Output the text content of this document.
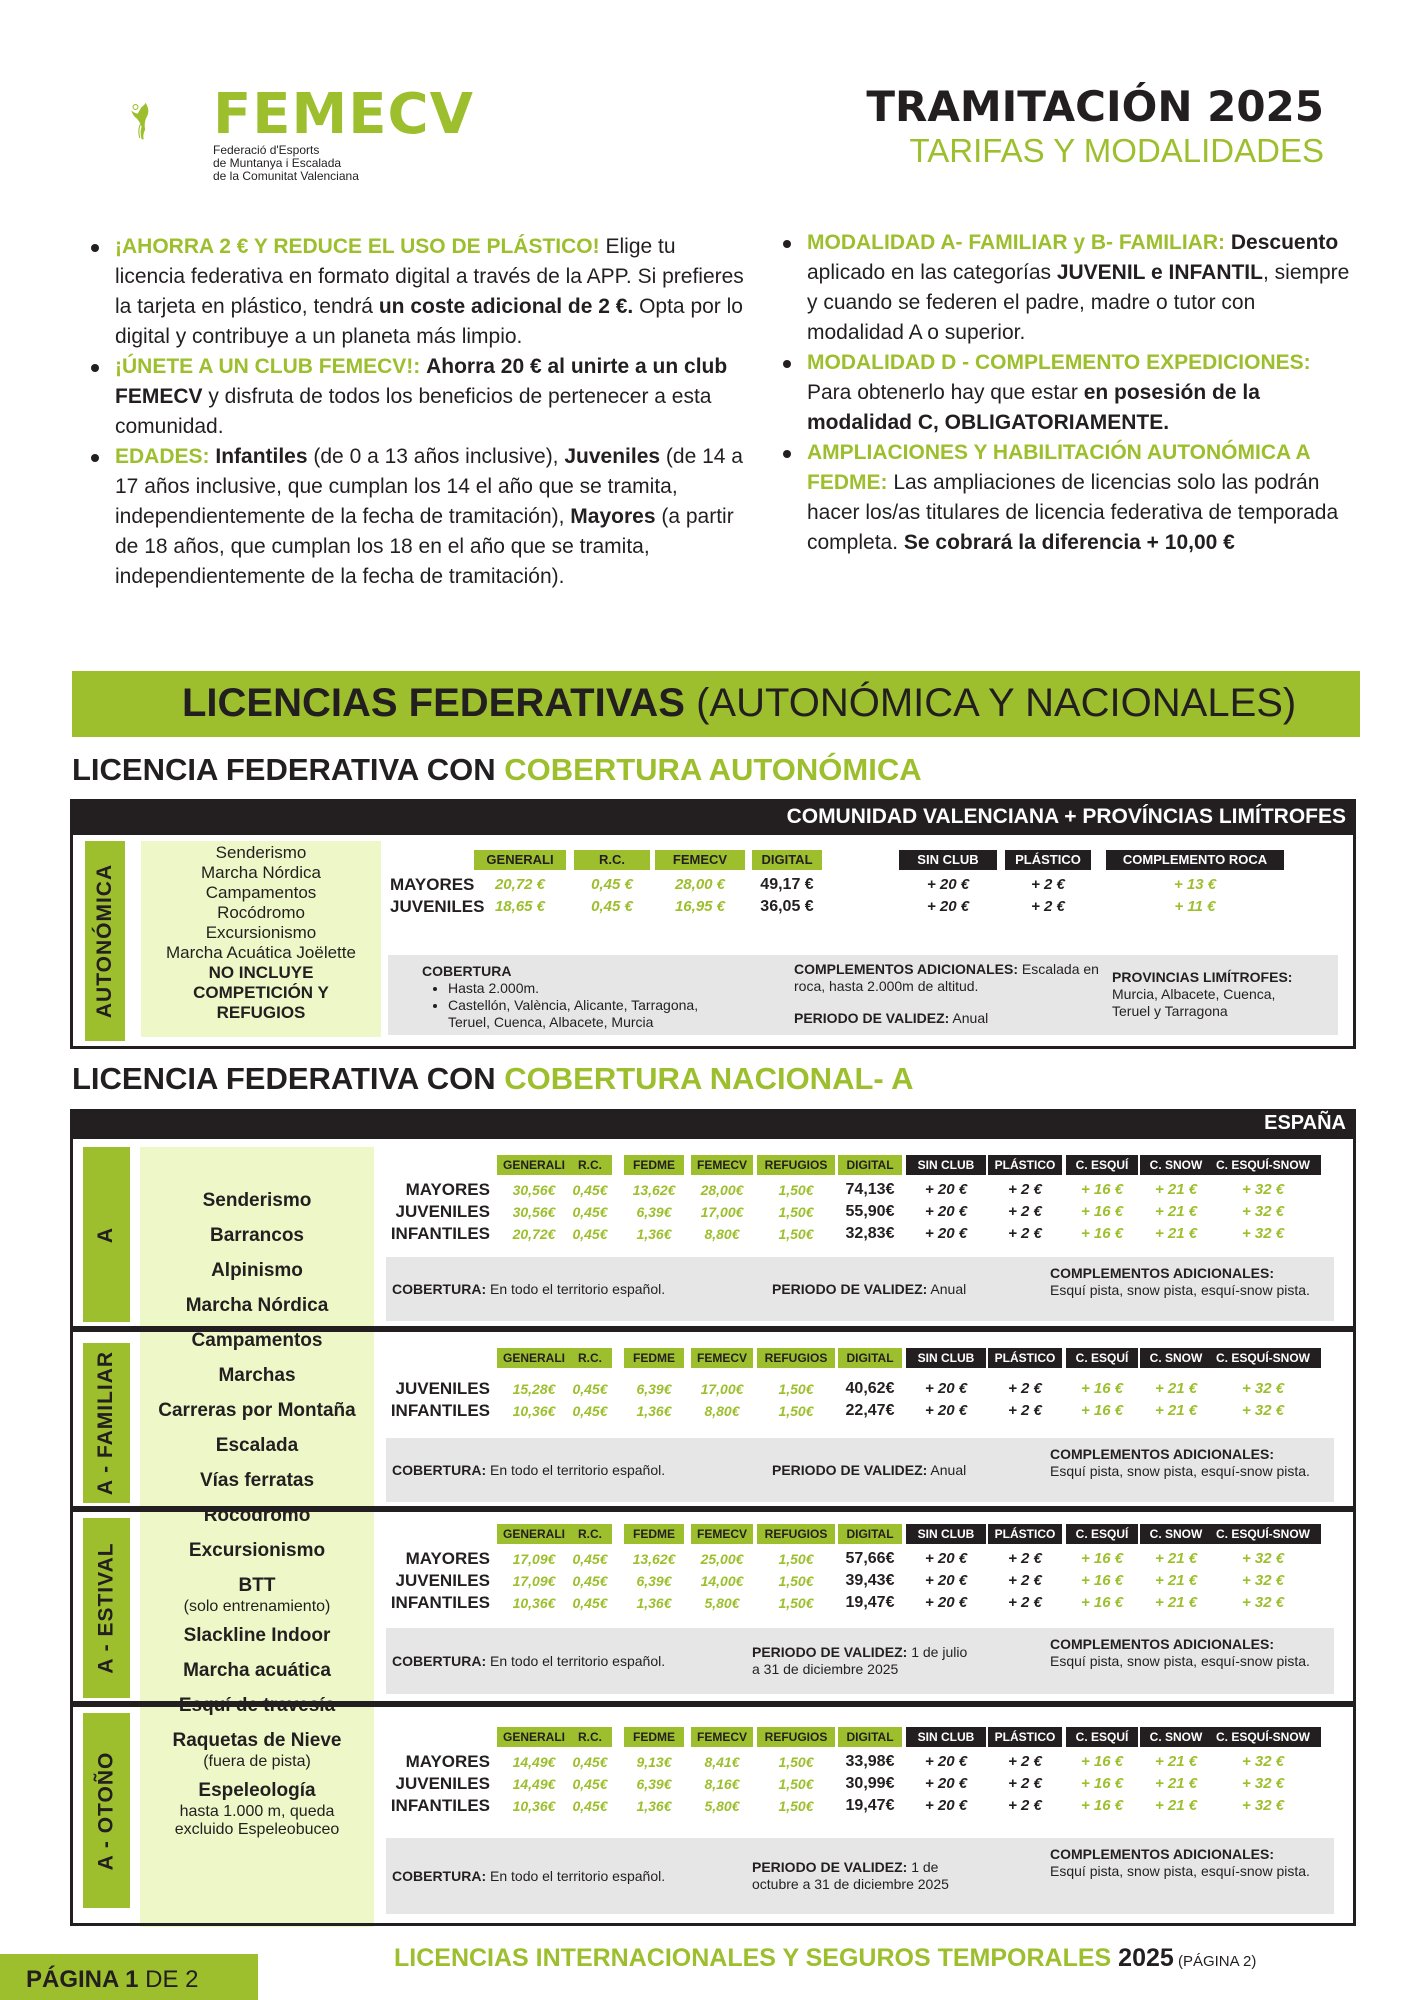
FEMECV
Federació d'Esports
de Muntanya i Escalada
de la Comunitat Valenciana
TRAMITACIÓN 2025
TARIFAS Y MODALIDADES
¡AHORRA 2 € Y REDUCE EL USO DE PLÁSTICO! Elige tu licencia federativa en formato digital a través de la APP. Si prefieres la tarjeta en plástico, tendrá un coste adicional de 2 €. Opta por lo digital y contribuye a un planeta más limpio.
¡ÚNETE A UN CLUB FEMECV!: Ahorra 20 € al unirte a un club FEMECV y disfruta de todos los beneficios de pertenecer a esta comunidad.
EDADES: Infantiles (de 0 a 13 años inclusive), Juveniles (de 14 a 17 años inclusive, que cumplan los 14 el año que se tramita, independientemente de la fecha de tramitación), Mayores (a partir de 18 años, que cumplan los 18 en el año que se tramita, independientemente de la fecha de tramitación).
MODALIDAD A- FAMILIAR y B- FAMILIAR: Descuento aplicado en las categorías JUVENIL e INFANTIL, siempre y cuando se federen el padre, madre o tutor con modalidad A o superior.
MODALIDAD D - COMPLEMENTO EXPEDICIONES: Para obtenerlo hay que estar en posesión de la modalidad C, OBLIGATORIAMENTE.
AMPLIACIONES Y HABILITACIÓN AUTONÓMICA A FEDME: Las ampliaciones de licencias solo las podrán hacer los/as titulares de licencia federativa de temporada completa. Se cobrará la diferencia + 10,00 €
LICENCIAS FEDERATIVAS (AUTONÓMICA Y NACIONALES)
LICENCIA FEDERATIVA CON COBERTURA AUTONÓMICA
COMUNIDAD VALENCIANA + PROVÍNCIAS LIMÍTROFES
AUTONÓMICA
Senderismo
Marcha Nórdica
Campamentos
Rocódromo
Excursionismo
Marcha Acuática Joëlette
NO INCLUYE COMPETICIÓN Y REFUGIOS
GENERALI	R.C.	FEMECV	DIGITAL	SIN CLUB	PLÁSTICO	COMPLEMENTO ROCA
MAYORES	20,72 €	0,45 €	28,00 €	49,17 €	+ 20 €	+ 2 €	+ 13 €
JUVENILES 18,65 €	0,45 €	16,95 €	36,05 €	+ 20 €	+ 2 €	+ 11 €
COBERTURA
• Hasta 2.000m.
• Castellón, València, Alicante, Tarragona, Teruel, Cuenca, Albacete, Murcia
COMPLEMENTOS ADICIONALES: Escalada en roca, hasta 2.000m de altitud.
PERIODO DE VALIDEZ: Anual
PROVINCIAS LIMÍTROFES:
Murcia, Albacete, Cuenca, Teruel y Tarragona
LICENCIA FEDERATIVA CON COBERTURA NACIONAL- A
ESPAÑA
Senderismo
Barrancos
Alpinismo
Marcha Nórdica
Campamentos
Marchas
Carreras por Montaña
Escalada
Vías ferratas
Rocódromo
Excursionismo
BTT
(solo entrenamiento)
Slackline Indoor
Marcha acuática
Esquí de travesía
Raquetas de Nieve
(fuera de pista)
Espeleología
hasta 1.000 m, queda excluido Espeleobuceo
A
GENERALI	R.C.	FEDME	FEMECV	REFUGIOS	DIGITAL	SIN CLUB	PLÁSTICO	C. ESQUÍ	C. SNOW	C. ESQUÍ-SNOW
MAYORES	30,56€	0,45€	13,62€	28,00€	1,50€	74,13€	+ 20 €	+ 2 €	+ 16 €	+ 21 €	+ 32 €
JUVENILES	30,56€	0,45€	6,39€	17,00€	1,50€	55,90€	+ 20 €	+ 2 €	+ 16 €	+ 21 €	+ 32 €
INFANTILES	20,72€	0,45€	1,36€	8,80€	1,50€	32,83€	+ 20 €	+ 2 €	+ 16 €	+ 21 €	+ 32 €
COBERTURA: En todo el territorio español.	PERIODO DE VALIDEZ: Anual
COMPLEMENTOS ADICIONALES:
Esquí pista, snow pista, esquí-snow pista.
A - FAMILIAR	GENERALI	R.C.	FEDME	FEMECV	REFUGIOS	DIGITAL	SIN CLUB	PLÁSTICO	C. ESQUÍ	C. SNOW	C. ESQUÍ-SNOW
JUVENILES	15,28€	0,45€	6,39€	17,00€	1,50€	40,62€	+ 20 €	+ 2 €	+ 16 €	+ 21 €	+ 32 €
INFANTILES	10,36€	0,45€	1,36€	8,80€	1,50€	22,47€	+ 20 €	+ 2 €	+ 16 €	+ 21 €	+ 32 €
COBERTURA: En todo el territorio español.	PERIODO DE VALIDEZ: Anual
COMPLEMENTOS ADICIONALES:
Esquí pista, snow pista, esquí-snow pista.
A - ESTIVAL
GENERALI	R.C.	FEDME	FEMECV	REFUGIOS	DIGITAL	SIN CLUB	PLÁSTICO	C. ESQUÍ	C. SNOW	C. ESQUÍ-SNOW
MAYORES	17,09€	0,45€	13,62€	25,00€	1,50€	57,66€	+ 20 €	+ 2 €	+ 16 €	+ 21 €	+ 32 €
JUVENILES	17,09€	0,45€	6,39€	14,00€	1,50€	39,43€	+ 20 €	+ 2 €	+ 16 €	+ 21 €	+ 32 €
INFANTILES	10,36€	0,45€	1,36€	5,80€	1,50€	19,47€	+ 20 €	+ 2 €	+ 16 €	+ 21 €	+ 32 €
COBERTURA: En todo el territorio español.
PERIODO DE VALIDEZ: 1 de julio a 31 de diciembre 2025
COMPLEMENTOS ADICIONALES:
Esquí pista, snow pista, esquí-snow pista.
A - OTOÑO
GENERALI	R.C.	FEDME	FEMECV	REFUGIOS	DIGITAL	SIN CLUB	PLÁSTICO	C. ESQUÍ	C. SNOW	C. ESQUÍ-SNOW
MAYORES	14,49€	0,45€	9,13€	8,41€	1,50€	33,98€	+ 20 €	+ 2 €	+ 16 €	+ 21 €	+ 32 €
JUVENILES	14,49€	0,45€	6,39€	8,16€	1,50€	30,99€	+ 20 €	+ 2 €	+ 16 €	+ 21 €	+ 32 €
INFANTILES	10,36€	0,45€	1,36€	5,80€	1,50€	19,47€	+ 20 €	+ 2 €	+ 16 €	+ 21 €	+ 32 €
COBERTURA: En todo el territorio español.
PERIODO DE VALIDEZ: 1 de octubre a 31 de diciembre 2025
COMPLEMENTOS ADICIONALES:
Esquí pista, snow pista, esquí-snow pista.
PÁGINA 1 DE 2
LICENCIAS INTERNACIONALES Y SEGUROS TEMPORALES 2025 (PÁGINA 2)
